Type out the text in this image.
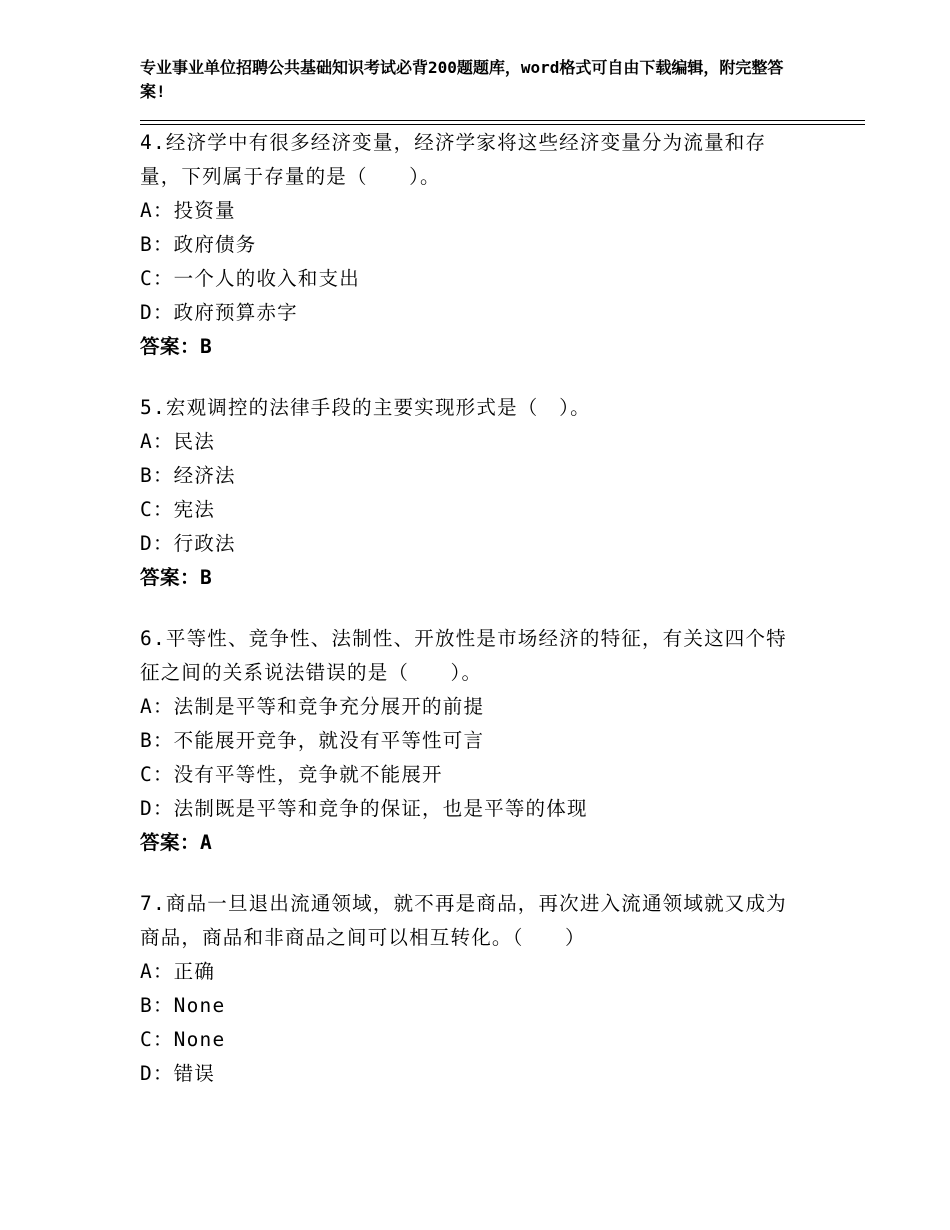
专业事业单位招聘公共基础知识考试必背200题题库，word格式可自由下载编辑，附完整答案!
4.经济学中有很多经济变量，经济学家将这些经济变量分为流量和存量，下列属于存量的是（　　）。
A：投资量
B：政府债务
C：一个人的收入和支出
D：政府预算赤字
答案：B
5.宏观调控的法律手段的主要实现形式是（　）。
A：民法
B：经济法
C：宪法
D：行政法
答案：B
6.平等性、竞争性、法制性、开放性是市场经济的特征，有关这四个特征之间的关系说法错误的是（　　）。
A：法制是平等和竞争充分展开的前提
B：不能展开竞争，就没有平等性可言
C：没有平等性，竞争就不能展开
D：法制既是平等和竞争的保证，也是平等的体现
答案：A
7.商品一旦退出流通领域，就不再是商品，再次进入流通领域就又成为商品，商品和非商品之间可以相互转化。（　　）
A：正确
B：None
C：None
D：错误
